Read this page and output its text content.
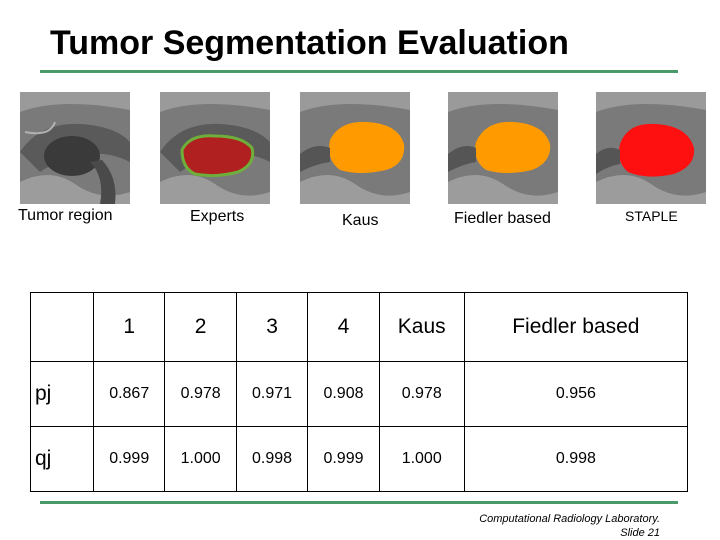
Tumor Segmentation Evaluation
Tumor region	Experts	Kaus	Fiedler based	STAPLE
	1	2	3	4	Kaus	Fiedler based
pj	0.867	0.978	0.971	0.908	0.978	0.956
qj	0.999	1.000	0.998	0.999	1.000	0.998
Computational Radiology Laboratory.
Slide 21
